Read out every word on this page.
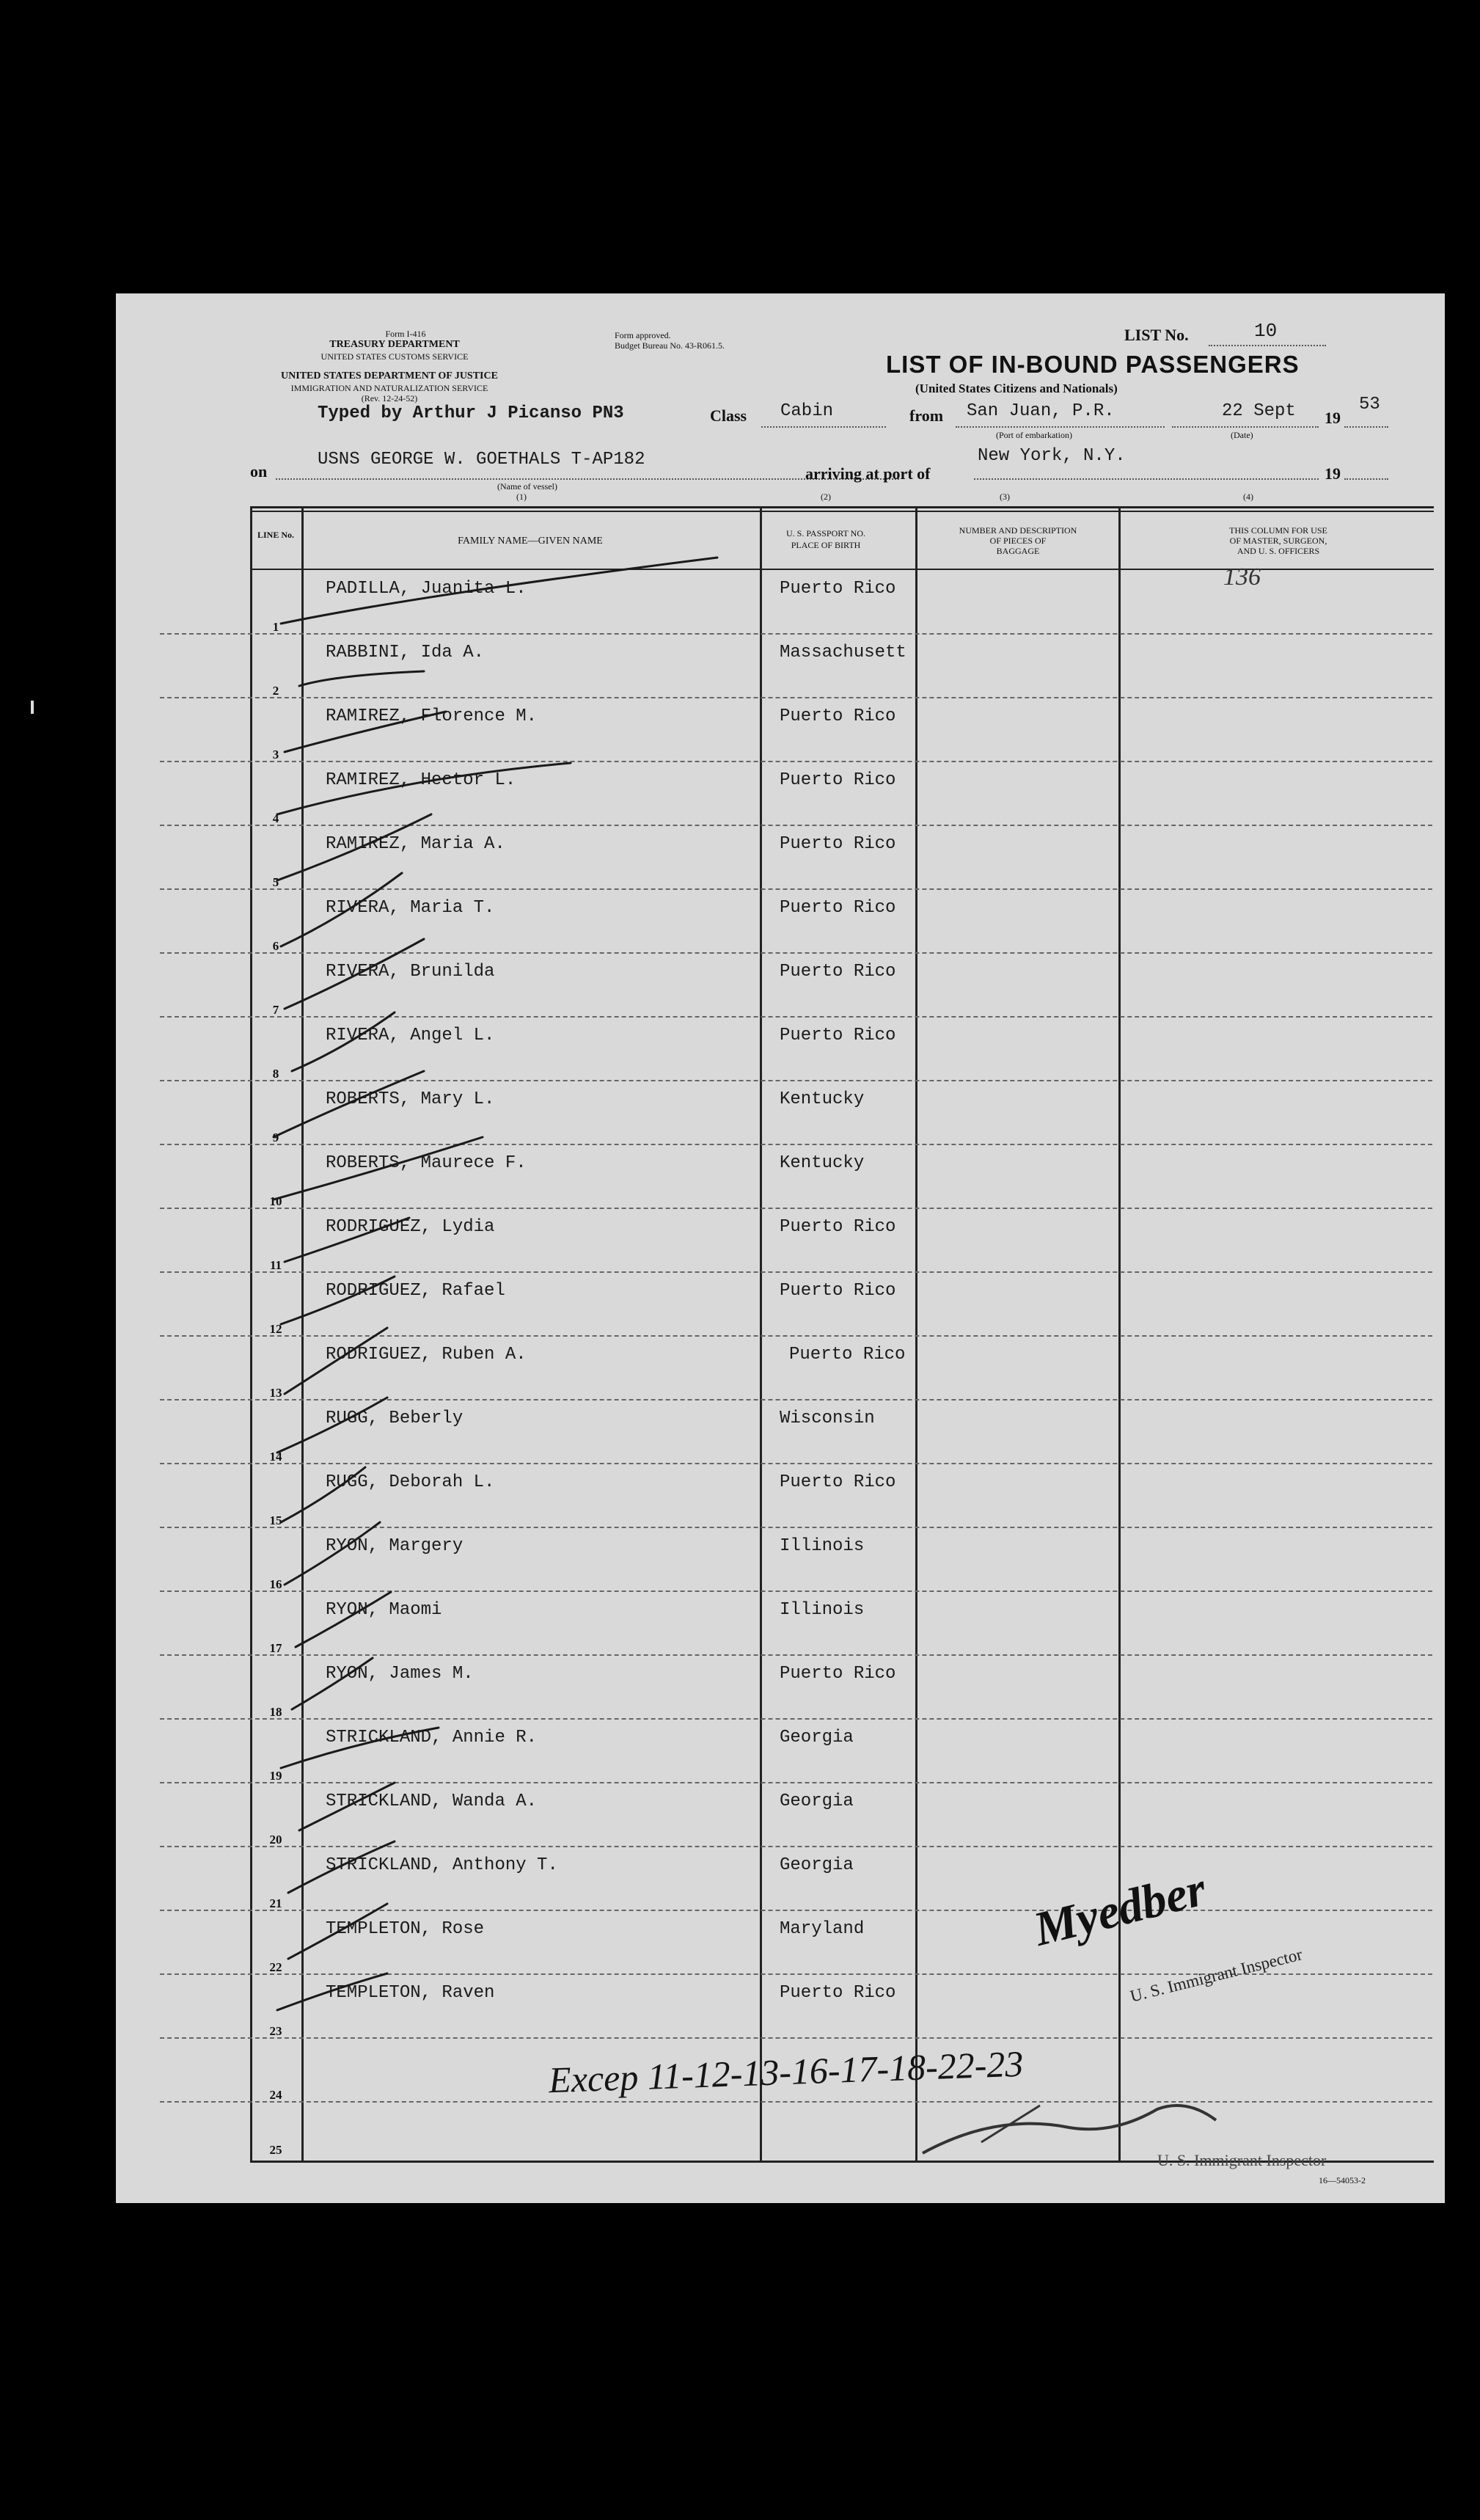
Form I-416
TREASURY DEPARTMENT
UNITED STATES CUSTOMS SERVICE
UNITED STATES DEPARTMENT OF JUSTICE
IMMIGRATION AND NATURALIZATION SERVICE
(Rev. 12-24-52)
Form approved.
Budget Bureau No. 43-R061.5.
LIST No.	10
LIST OF IN-BOUND PASSENGERS
(United States Citizens and Nationals)
Typed by Arthur J Picanso PN3	Class Cabin	from San Juan, P.R.
(Port of embarkation)
22 Sept
(Date)
19
53
on
USNS GEORGE W. GOETHALS T-AP182
(Name of vessel)
arriving at port of
New York, N.Y.
19
(1)	(2)	(3)	(4)
LINE No.
FAMILY NAME—GIVEN NAME
U. S. PASSPORT NO.
PLACE OF BIRTH
NUMBER AND DESCRIPTION
OF PIECES OF
BAGGAGE
THIS COLUMN FOR USE
OF MASTER, SURGEON,
AND U. S. OFFICERS
1
PADILLA, Juanita L.	Puerto Rico
2
RABBINI, Ida A.	Massachusett
3
RAMIREZ, Florence M.	Puerto Rico
4
RAMIREZ, Hector L.	Puerto Rico
5
RAMIREZ, Maria A.	Puerto Rico
6
RIVERA, Maria T.	Puerto Rico
7
RIVERA, Brunilda	Puerto Rico
8
RIVERA, Angel L.	Puerto Rico
9
ROBERTS, Mary L.	Kentucky
10
ROBERTS, Maurece F.	Kentucky
11
RODRIGUEZ, Lydia	Puerto Rico
12
RODRIGUEZ, Rafael	Puerto Rico
13
RODRIGUEZ, Ruben A.	Puerto Rico
14
RUGG, Beberly	Wisconsin
15
RUGG, Deborah L.	Puerto Rico
16
RYON, Margery	Illinois
17
RYON, Maomi	Illinois
18
RYON, James M.	Puerto Rico
19
STRICKLAND, Annie R.	Georgia
20
STRICKLAND, Wanda A.	Georgia
21
STRICKLAND, Anthony T.	Georgia
22
TEMPLETON, Rose	Maryland
23
TEMPLETON, Raven	Puerto Rico
24
25
136
Excep 11-12-13-16-17-18-22-23
Myedber
U. S. Immigrant Inspector
U. S. Immigrant Inspector
16—54053-2
